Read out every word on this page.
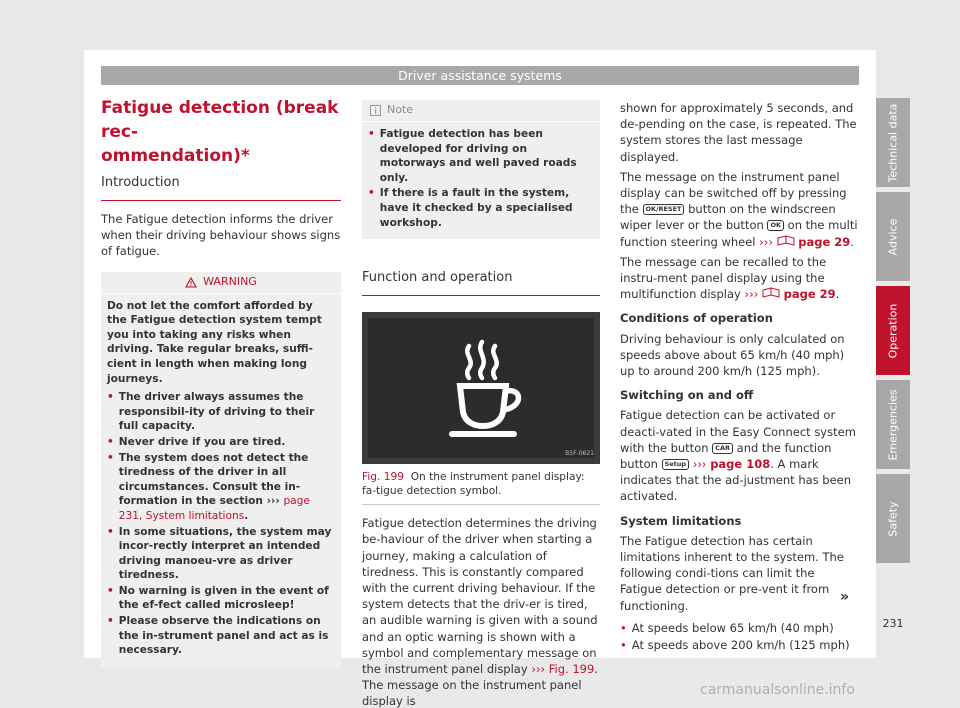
Driver assistance systems
Fatigue detection (break rec-
ommendation)*
Introduction

The Fatigue detection informs the driver when their driving behaviour shows signs of fatigue.

WARNING

Do not let the comfort afforded by the Fatigue detection system tempt you into taking any risks when driving. Take regular breaks, suffi-cient in length when making long journeys.

• The driver always assumes the responsibil-ity of driving to their full capacity.
• Never drive if you are tired.
• The system does not detect the tiredness of the driver in all circumstances. Consult the in-formation in the section ››› page 231, System limitations.
• In some situations, the system may incor-rectly interpret an intended driving manoeu-vre as driver tiredness.
• No warning is given in the event of the ef-fect called microsleep!
• Please observe the indications on the in-strument panel and act as is necessary.
Note
• Fatigue detection has been developed for driving on motorways and well paved roads only.
• If there is a fault in the system, have it checked by a specialised workshop.
Function and operation
B5F-0621
Fig. 199 On the instrument panel display: fa-tigue detection symbol.

Fatigue detection determines the driving be-haviour of the driver when starting a journey, making a calculation of tiredness. This is constantly compared with the current driving behaviour. If the system detects that the driv-er is tired, an audible warning is given with a sound and an optic warning is shown with a symbol and complementary message on the instrument panel display ››› Fig. 199. The message on the instrument panel display is

shown for approximately 5 seconds, and de-pending on the case, is repeated. The system stores the last message displayed.

The message on the instrument panel display can be switched off by pressing the OK/RESET button on the windscreen wiper lever or the button OK on the multi function steering wheel ››› page 29.

The message can be recalled to the instru-ment panel display using the multifunction display ››› page 29.

Conditions of operation

Driving behaviour is only calculated on speeds above about 65 km/h (40 mph) up to around 200 km/h (125 mph).

Switching on and off

Fatigue detection can be activated or deacti-vated in the Easy Connect system with the button CAR and the function button Setup ››› page 108. A mark indicates that the ad-justment has been activated.

System limitations

The Fatigue detection has certain limitations inherent to the system. The following condi-tions can limit the Fatigue detection or pre-vent it from functioning.

• At speeds below 65 km/h (40 mph)
• At speeds above 200 km/h (125 mph)
»
Technical data
Advice
Operation
Emergencies
Safety
231
carmanualsonline.info
